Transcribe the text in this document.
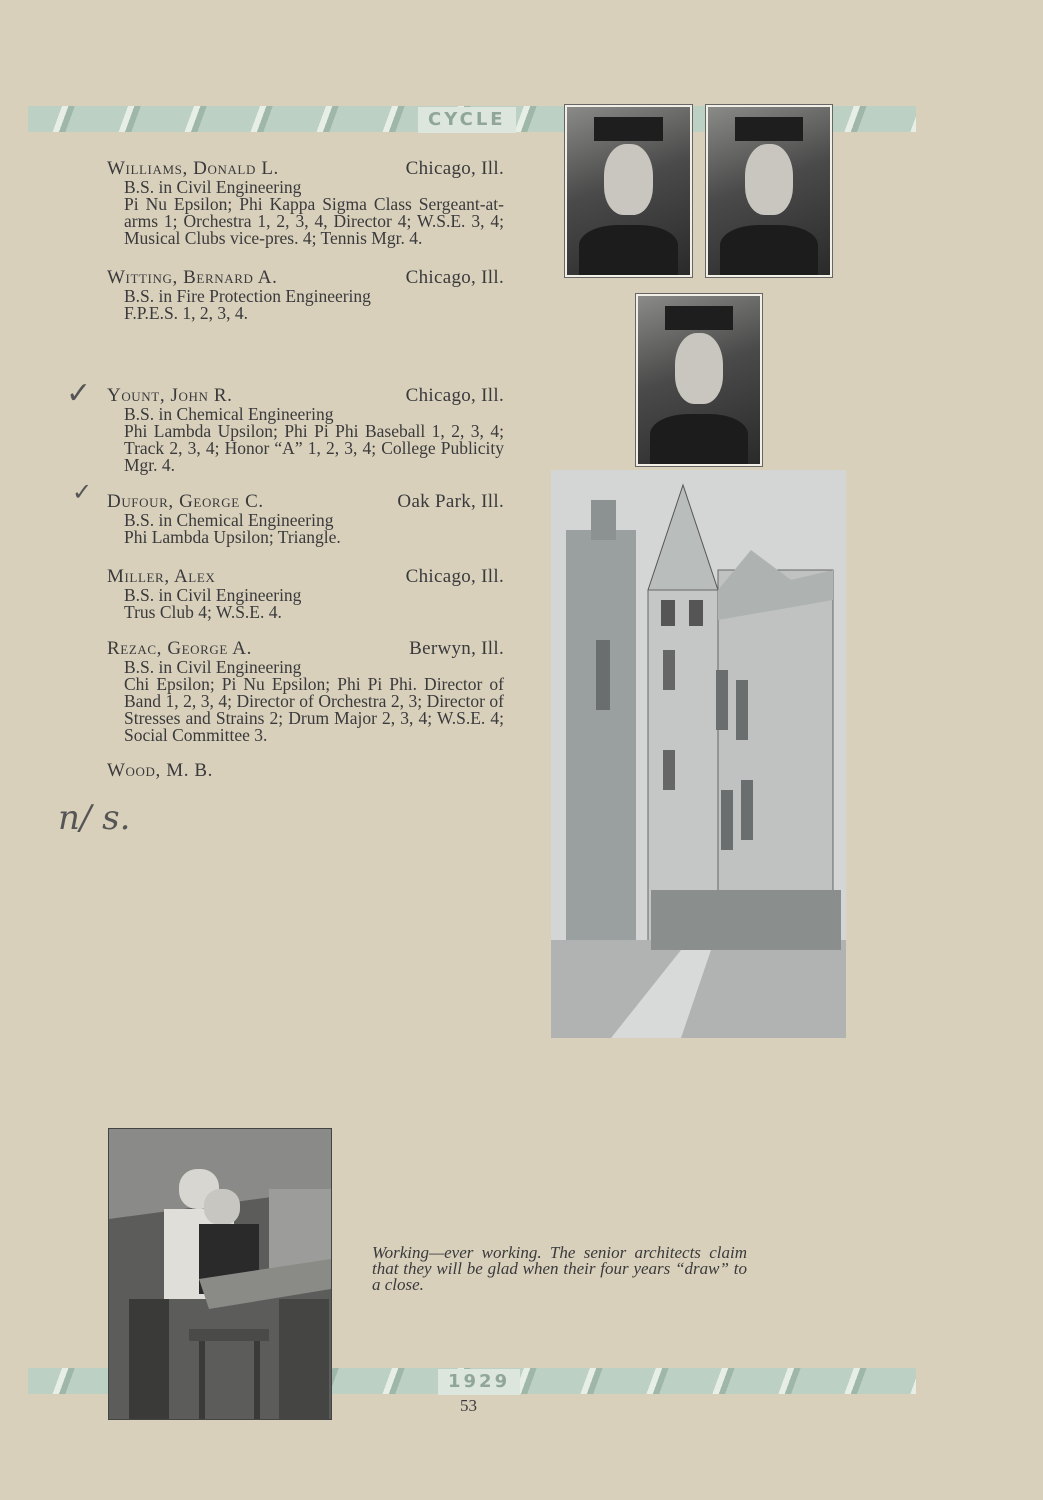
CYCLE
1929
Williams, Donald L.	Chicago, Ill.
B.S. in Civil Engineering
Pi Nu Epsilon; Phi Kappa Sigma Class Sergeant-at-arms 1; Orchestra 1, 2, 3, 4, Director 4; W.S.E. 3, 4; Musical Clubs vice-pres. 4; Tennis Mgr. 4.
Witting, Bernard A.	Chicago, Ill.
B.S. in Fire Protection Engineering
F.P.E.S. 1, 2, 3, 4.
✓ Yount, John R.	Chicago, Ill.
B.S. in Chemical Engineering
Phi Lambda Upsilon; Phi Pi Phi Baseball 1, 2, 3, 4; Track 2, 3, 4; Honor “A” 1, 2, 3, 4; College Publicity Mgr. 4.
✓ Dufour, George C.	Oak Park, Ill.
B.S. in Chemical Engineering
Phi Lambda Upsilon; Triangle.
Miller, Alex	Chicago, Ill.
B.S. in Civil Engineering
Trus Club 4; W.S.E. 4.
Rezac, George A.	Berwyn, Ill.
B.S. in Civil Engineering
Chi Epsilon; Pi Nu Epsilon; Phi Pi Phi. Director of Band 1, 2, 3, 4; Director of Orchestra 2, 3; Director of Stresses and Strains 2; Drum Major 2, 3, 4; W.S.E. 4; Social Committee 3.
Wood, M. B.
n/ s.
Working—ever working. The senior architects claim that they will be glad when their four years “draw” to a close.
53
